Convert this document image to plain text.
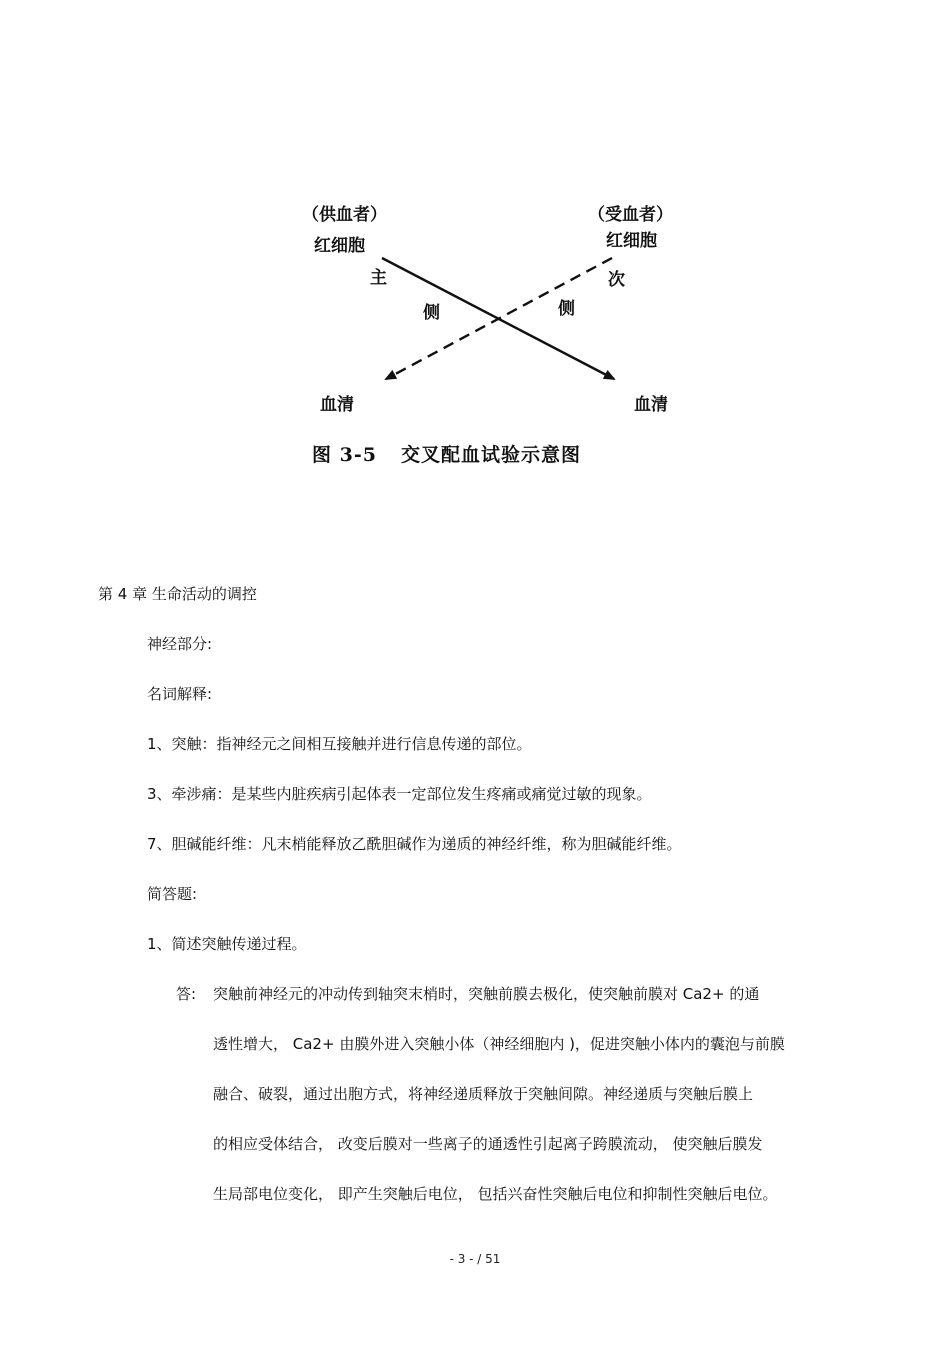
（供血者）
红细胞
（受血者）
红细胞
主	次
侧	侧
血清	血清
图 3-5 交叉配血试验示意图
第 4 章 生命活动的调控
神经部分:
名词解释:
1、突触：指神经元之间相互接触并进行信息传递的部位。
3、牵涉痛：是某些内脏疾病引起体表一定部位发生疼痛或痛觉过敏的现象。
7、胆碱能纤维：凡末梢能释放乙酰胆碱作为递质的神经纤维，称为胆碱能纤维。
简答题:
1、简述突触传递过程。
答: 突触前神经元的冲动传到轴突末梢时，突触前膜去极化，使突触前膜对 Ca2+ 的通
透性增大， Ca2+ 由膜外进入突触小体（神经细胞内 )，促进突触小体内的囊泡与前膜
融合、破裂，通过出胞方式，将神经递质释放于突触间隙。神经递质与突触后膜上
的相应受体结合， 改变后膜对一些离子的通透性引起离子跨膜流动， 使突触后膜发
生局部电位变化， 即产生突触后电位， 包括兴奋性突触后电位和抑制性突触后电位。
- 3 - / 51
